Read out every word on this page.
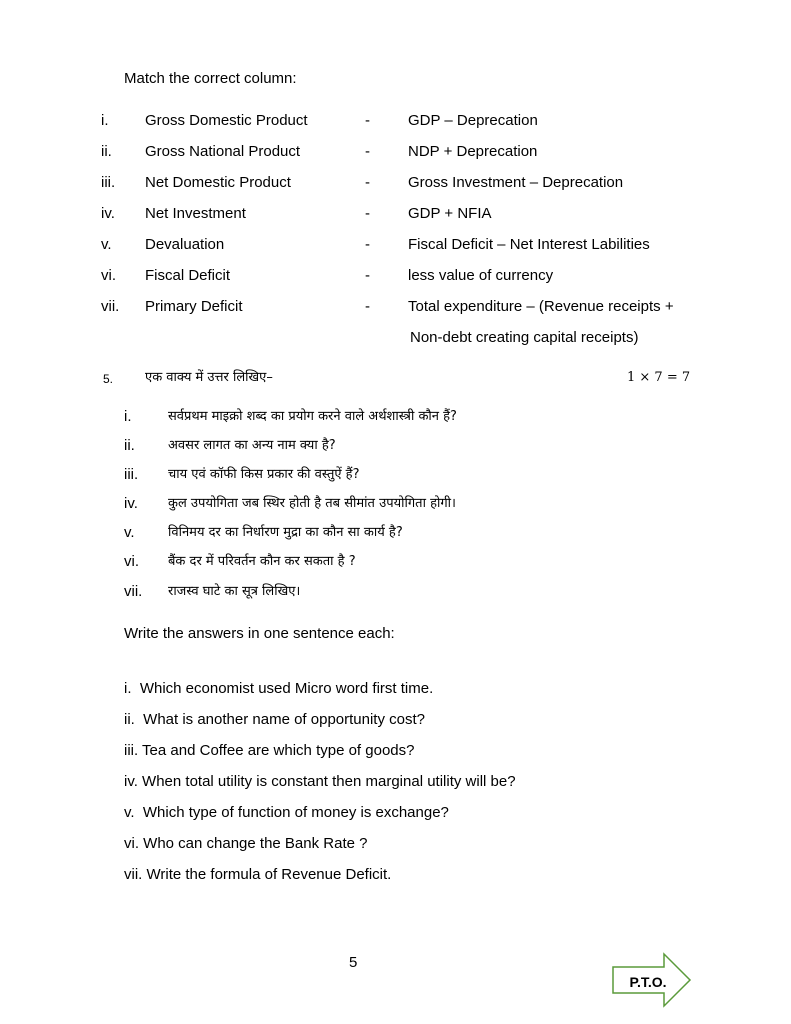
Match the correct column:
i. Gross Domestic Product	-	GDP – Deprecation
ii. Gross National Product	-	NDP + Deprecation
iii. Net Domestic Product	-	Gross Investment – Deprecation
iv. Net Investment	-	GDP + NFIA
v. Devaluation	-	Fiscal Deficit – Net Interest Labilities
vi. Fiscal Deficit	-	less value of currency
vii. Primary Deficit	-	Total expenditure – (Revenue receipts +
Non-debt creating capital receipts)
5. एक वाक्य में उत्तर लिखिए–	1 × 7 = 7
i.	सर्वप्रथम माइक्रो शब्द का प्रयोग करने वाले अर्थशास्त्री कौन हैं?
ii.	अवसर लागत का अन्य नाम क्या है?
iii. चाय एवं कॉफी किस प्रकार की वस्तुऐं हैं?
iv. कुल उपयोगिता जब स्थिर होती है तब सीमांत उपयोगिता होगी।
v.	विनिमय दर का निर्धारण मुद्रा का कौन सा कार्य है?
vi. बैंक दर में परिवर्तन कौन कर सकता है ?
vii. राजस्व घाटे का सूत्र लिखिए।
Write the answers in one sentence each:
i.  Which economist used Micro word first time.
ii.  What is another name of opportunity cost?
iii. Tea and Coffee are which type of goods?
iv. When total utility is constant then marginal utility will be?
v.  Which type of function of money is exchange?
vi. Who can change the Bank Rate ?
vii. Write the formula of Revenue Deficit.
5
P.T.O.
